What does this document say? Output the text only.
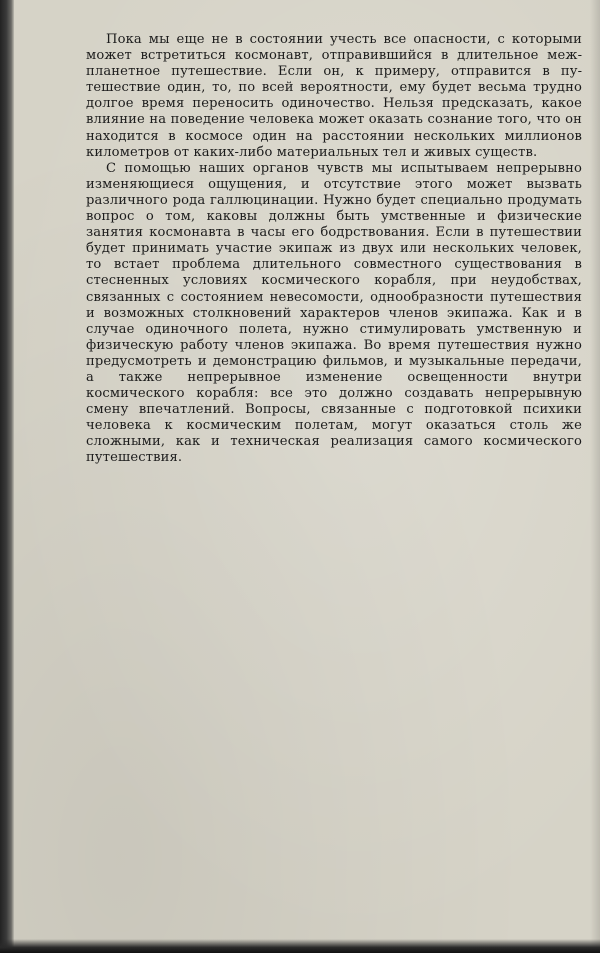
Пока мы еще не в состоянии учесть все опасности, с которыми может встретиться космонавт, отправившийся в длительное межпланетное путешествие. Если он, к примеру, отправится в путешествие один, то, по всей вероятности, ему будет весьма трудно долгое время переносить одиночество. Нельзя предсказать, какое влияние на поведение человека может оказать сознание того, что он находится в космосе один на расстоянии нескольких миллионов километров от каких-либо материальных тел и живых существ.

С помощью наших органов чувств мы испытываем непрерывно изменяющиеся ощущения, и отсутствие этого может вызвать различного рода галлюцинации. Нужно будет специально продумать вопрос о том, каковы должны быть умственные и физические занятия космонавта в часы его бодрствования. Если в путешествии будет принимать участие экипаж из двух или нескольких человек, то встает проблема длительного совместного существования в стесненных условиях космического корабля, при неудобствах, связанных с состоянием невесомости, однообразности путешествия и возможных столкновений характеров членов экипажа. Как и в случае одиночного полета, нужно стимулировать умственную и физическую работу членов экипажа. Во время путешествия нужно предусмотреть и демонстрацию фильмов, и музыкальные передачи, а также непрерывное изменение освещенности внутри космического корабля: все это должно создавать непрерывную смену впечатлений. Вопросы, связанные с подготовкой психики человека к космическим полетам, могут оказаться столь же сложными, как и техническая реализация самого космического путешествия.
